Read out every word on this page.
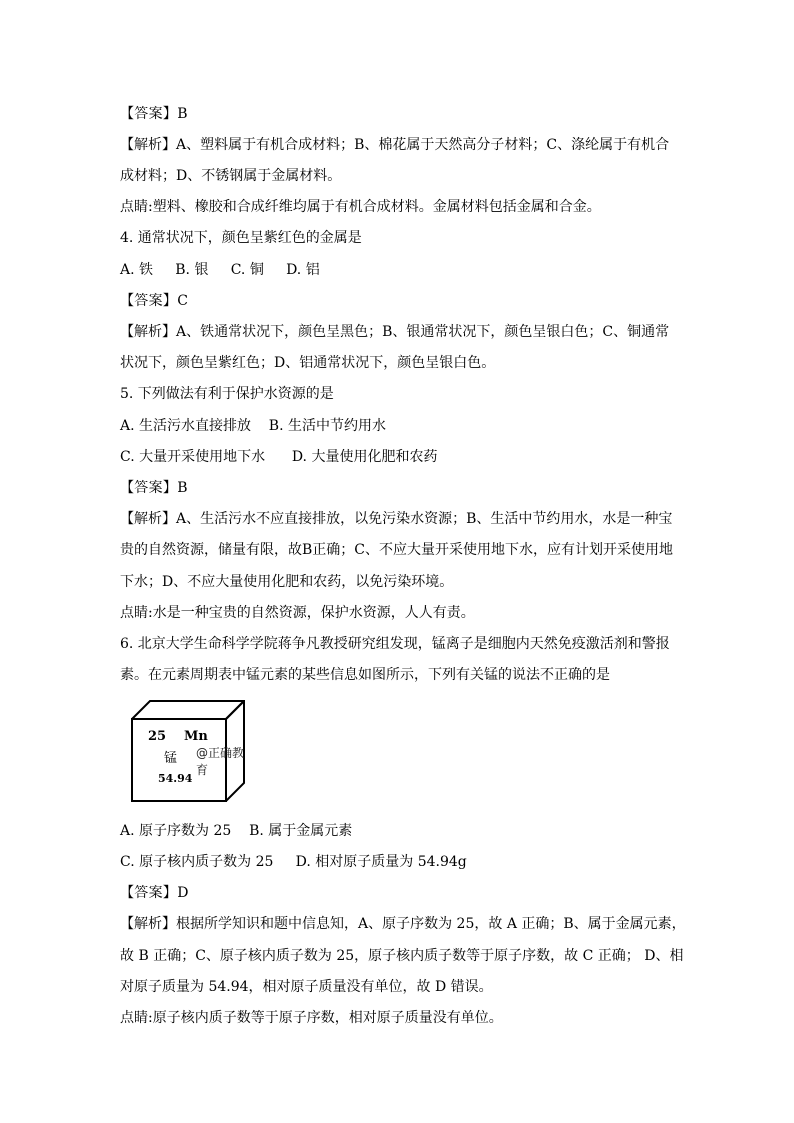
【答案】B
【解析】A、塑料属于有机合成材料；B、棉花属于天然高分子材料；C、涤纶属于有机合
成材料；D、不锈钢属于金属材料。
点睛:塑料、橡胶和合成纤维均属于有机合成材料。金属材料包括金属和合金。
4. 通常状况下，颜色呈紫红色的金属是
A. 铁     B. 银     C. 铜     D. 铝
【答案】C
【解析】A、铁通常状况下，颜色呈黑色；B、银通常状况下，颜色呈银白色；C、铜通常
状况下，颜色呈紫红色；D、铝通常状况下，颜色呈银白色。
5. 下列做法有利于保护水资源的是
A. 生活污水直接排放    B. 生活中节约用水
C. 大量开采使用地下水      D. 大量使用化肥和农药
【答案】B
【解析】A、生活污水不应直接排放，以免污染水资源；B、生活中节约用水，水是一种宝
贵的自然资源，储量有限，故B正确；C、不应大量开采使用地下水，应有计划开采使用地
下水；D、不应大量使用化肥和农药，以免污染环境。
点睛:水是一种宝贵的自然资源，保护水资源，人人有责。
6. 北京大学生命科学学院蒋争凡教授研究组发现，锰离子是细胞内天然免疫激活剂和警报
素。在元素周期表中锰元素的某些信息如图所示，下列有关锰的说法不正确的是
25 Mn
锰 @正确教育
54.94
A. 原子序数为 25    B. 属于金属元素
C. 原子核内质子数为 25     D. 相对原子质量为 54.94g
【答案】D
【解析】根据所学知识和题中信息知，A、原子序数为 25，故 A 正确；B、属于金属元素，
故 B 正确；C、原子核内质子数为 25，原子核内质子数等于原子序数，故 C 正确； D、相
对原子质量为 54.94，相对原子质量没有单位，故 D 错误。
点睛:原子核内质子数等于原子序数，相对原子质量没有单位。
